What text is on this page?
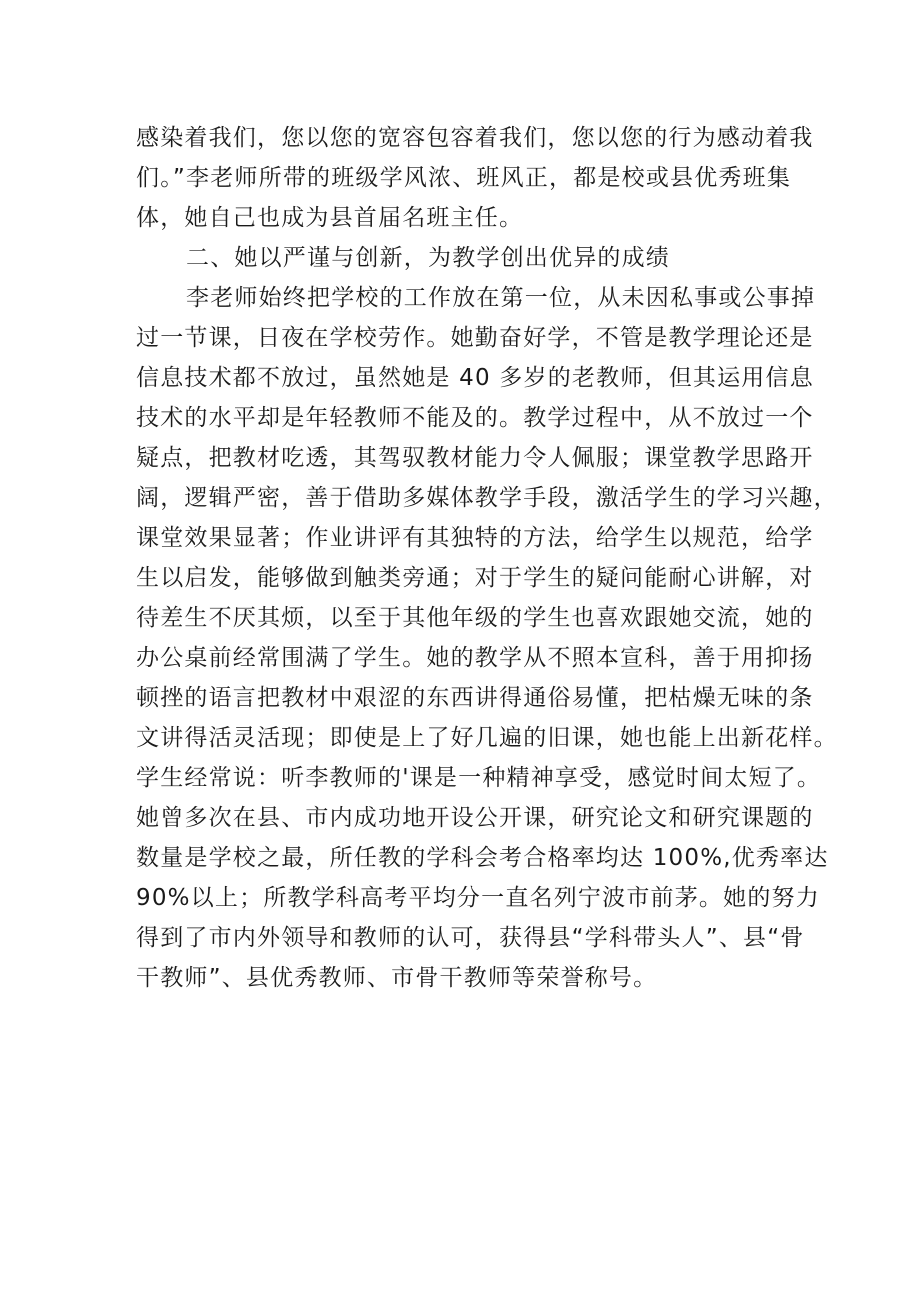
感染着我们，您以您的宽容包容着我们，您以您的行为感动着我
们。”李老师所带的班级学风浓、班风正，都是校或县优秀班集
体，她自己也成为县首届名班主任。
二、她以严谨与创新，为教学创出优异的成绩
李老师始终把学校的工作放在第一位，从未因私事或公事掉
过一节课，日夜在学校劳作。她勤奋好学，不管是教学理论还是
信息技术都不放过，虽然她是 40 多岁的老教师，但其运用信息
技术的水平却是年轻教师不能及的。教学过程中，从不放过一个
疑点，把教材吃透，其驾驭教材能力令人佩服；课堂教学思路开
阔，逻辑严密，善于借助多媒体教学手段，激活学生的学习兴趣，
课堂效果显著；作业讲评有其独特的方法，给学生以规范，给学
生以启发，能够做到触类旁通；对于学生的疑问能耐心讲解，对
待差生不厌其烦，以至于其他年级的学生也喜欢跟她交流，她的
办公桌前经常围满了学生。她的教学从不照本宣科，善于用抑扬
顿挫的语言把教材中艰涩的东西讲得通俗易懂，把枯燥无味的条
文讲得活灵活现；即使是上了好几遍的旧课，她也能上出新花样。
学生经常说：听李教师的'课是一种精神享受，感觉时间太短了。
她曾多次在县、市内成功地开设公开课，研究论文和研究课题的
数量是学校之最，所任教的学科会考合格率均达 100%,优秀率达
90%以上；所教学科高考平均分一直名列宁波市前茅。她的努力
得到了市内外领导和教师的认可，获得县“学科带头人”、县“骨
干教师”、县优秀教师、市骨干教师等荣誉称号。
